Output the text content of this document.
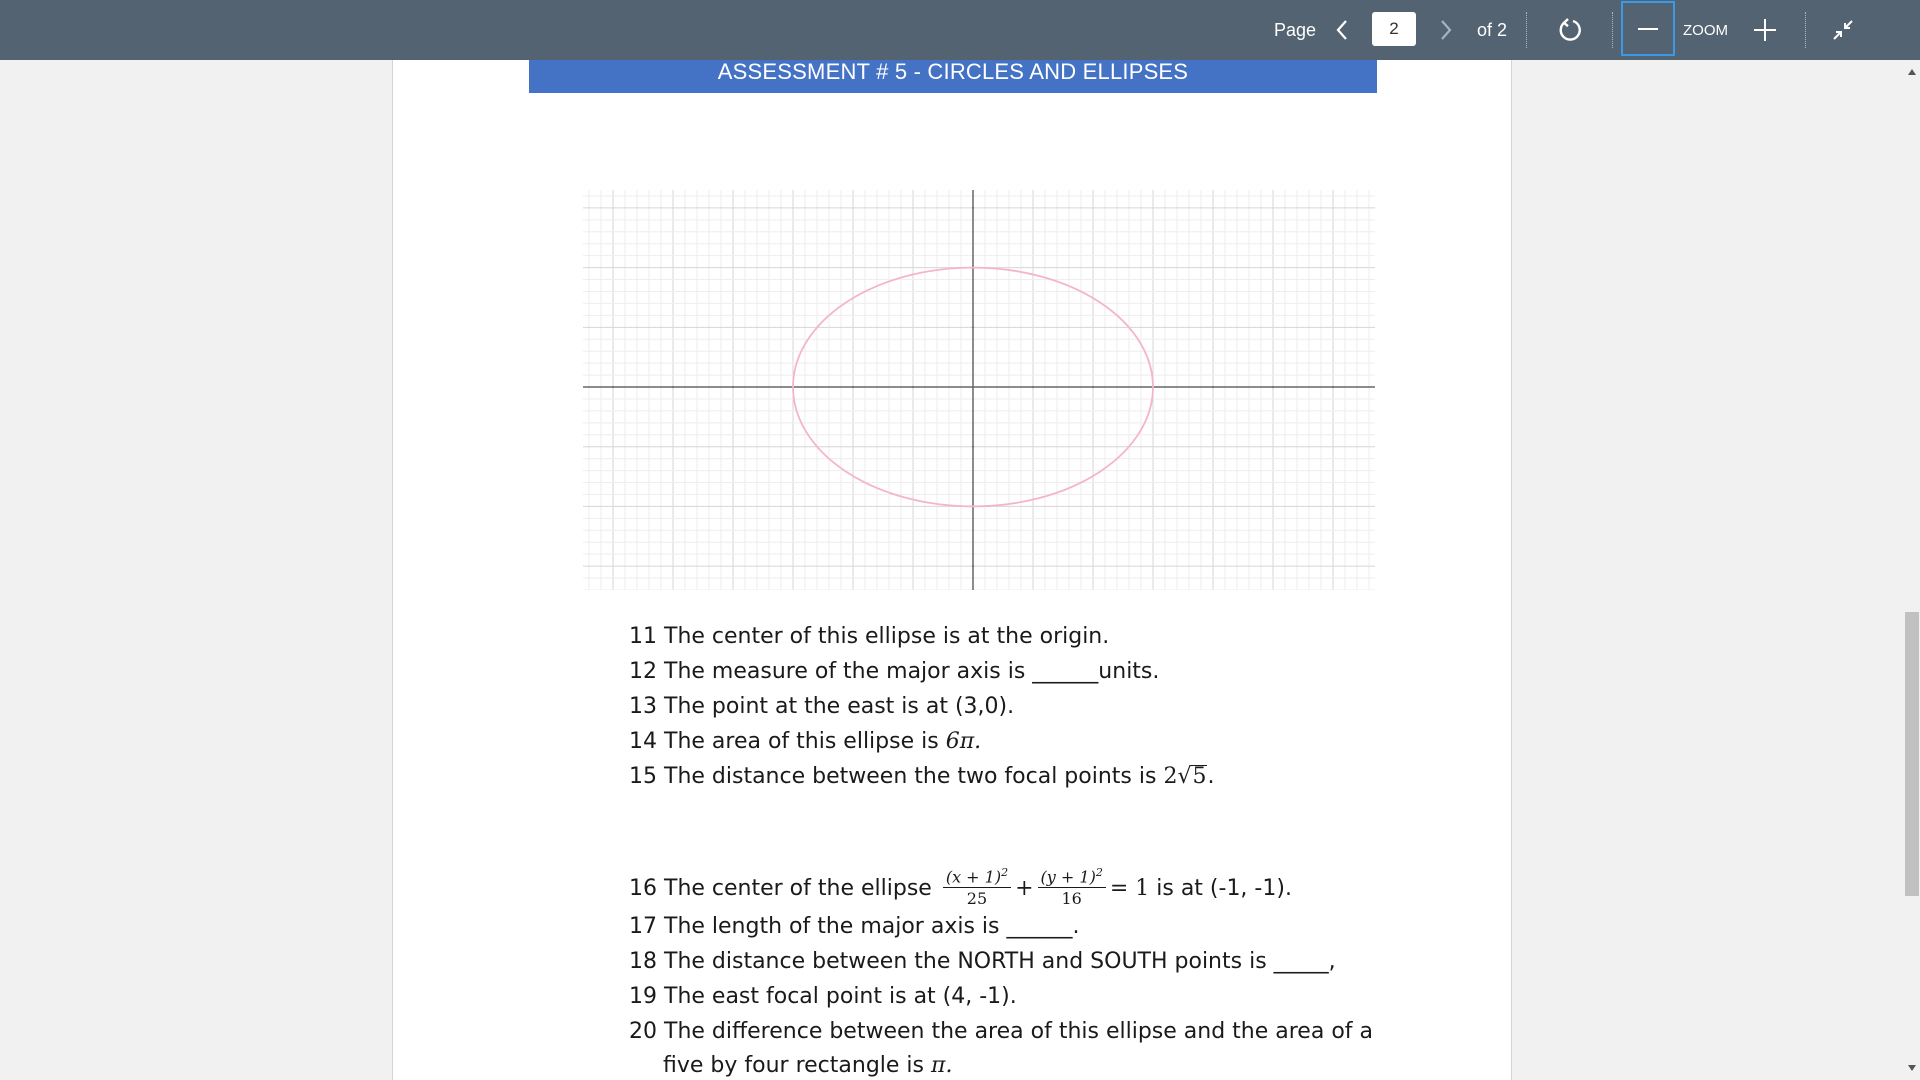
Page
2	of 2	ZOOM
ASSESSMENT # 5 - CIRCLES AND ELLIPSES
11 The center of this ellipse is at the origin.
12 The measure of the major axis is ______units.
13 The point at the east is at (3,0).
14 The area of this ellipse is 6π.
15 The distance between the two focal points is 2√5.
16 The center of the ellipse $\frac{(x + 1)^2}{25} + \frac{(y + 1)^2}{16} = 1$ is at (-1, -1).
17 The length of the major axis is ______.
18 The distance between the NORTH and SOUTH points is _____,
19 The east focal point is at (4, -1).
20 The difference between the area of this ellipse and the area of a
five by four rectangle is π.
